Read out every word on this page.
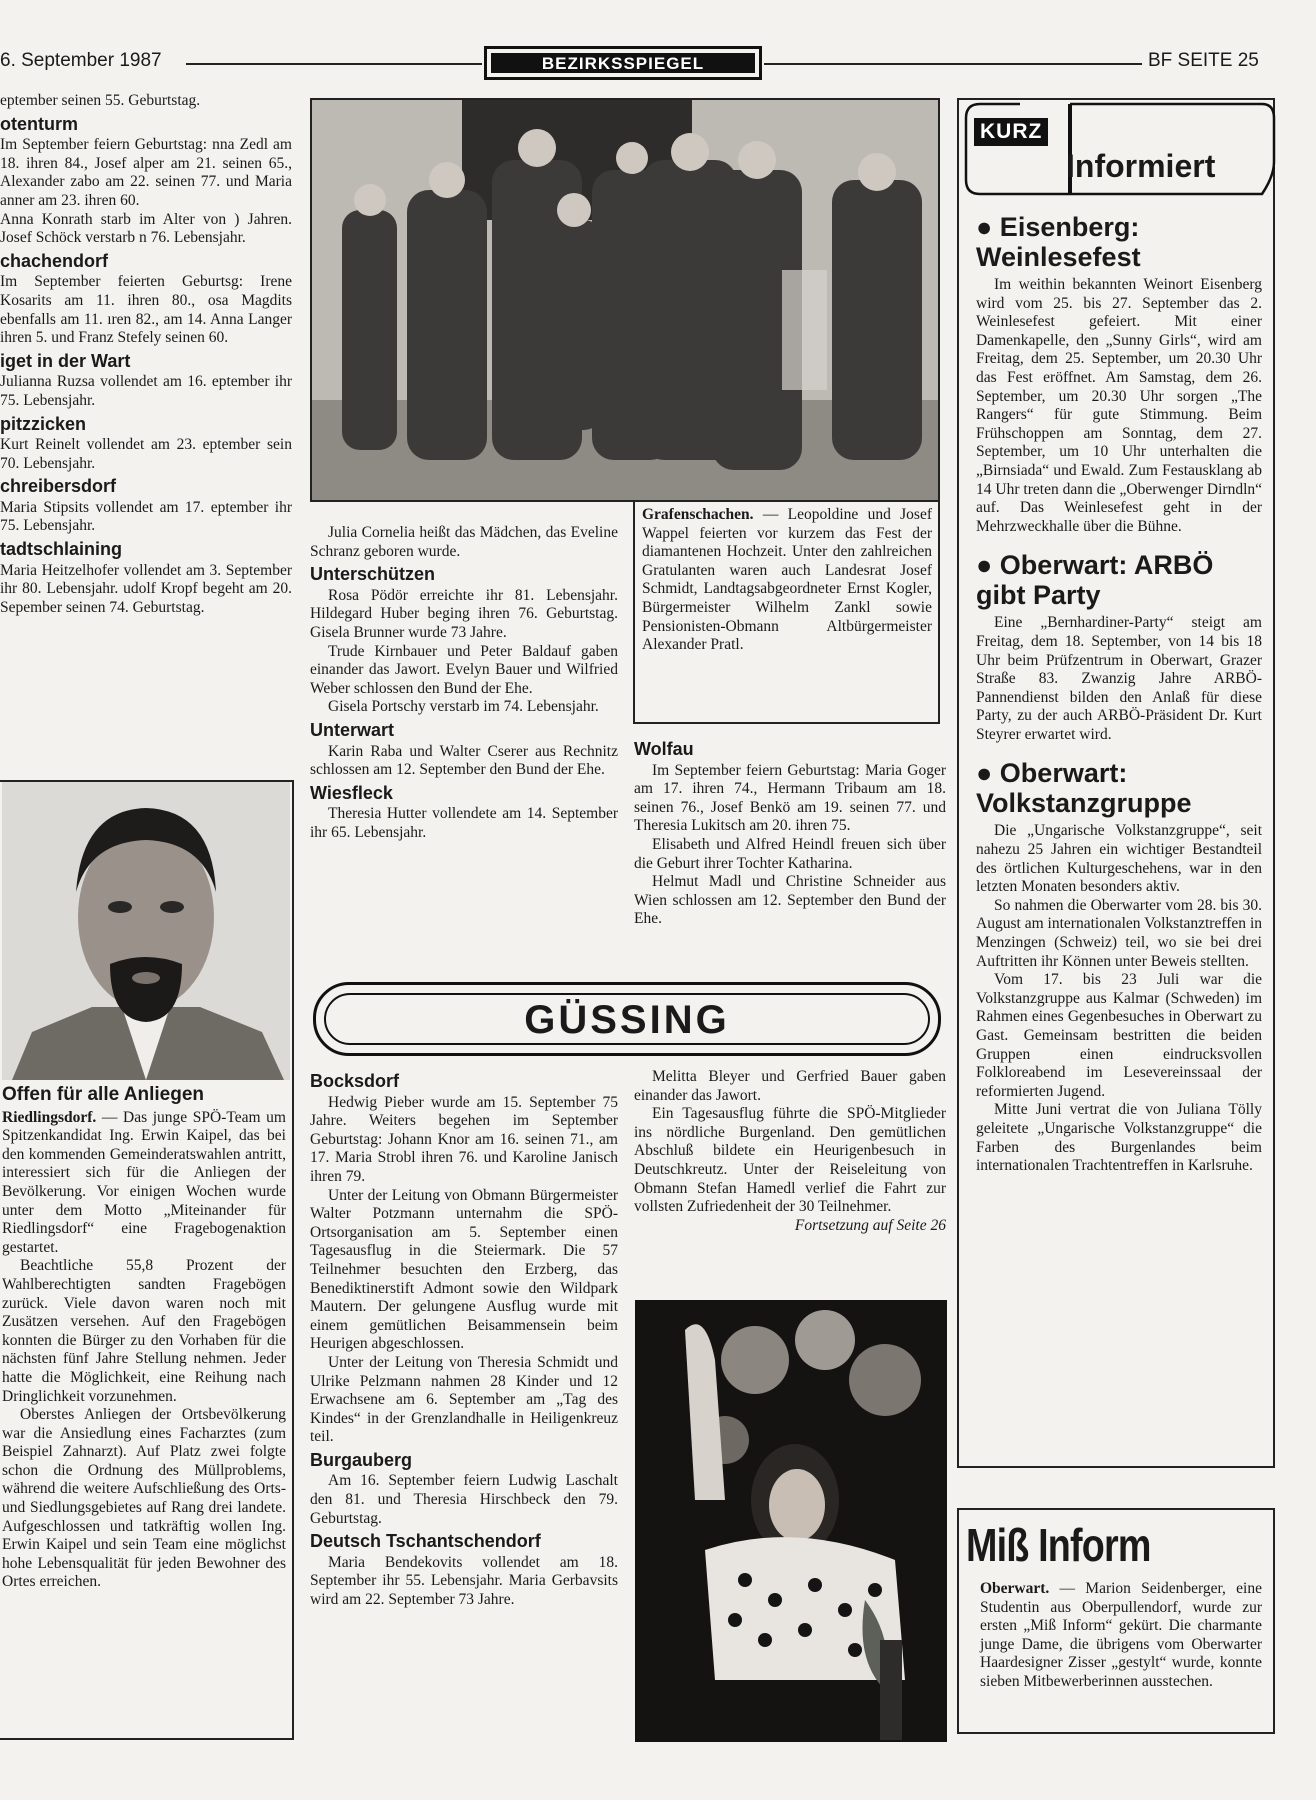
6. September 1987	BEZIRKSSPIEGEL	BF SEITE 25

eptember seinen 55. Geburtstag.

otenturm

Im September feiern Geburtstag: nna Zedl am 18. ihren 84., Josef alper am 21. seinen 65., Alexander zabo am 22. seinen 77. und Maria anner am 23. ihren 60.

Anna Konrath starb im Alter von ) Jahren. Josef Schöck verstarb n 76. Lebensjahr.

chachendorf

Im September feierten Geburtsg: Irene Kosarits am 11. ihren 80., osa Magdits ebenfalls am 11. ıren 82., am 14. Anna Langer ihren 5. und Franz Stefely seinen 60.

iget in der Wart

Julianna Ruzsa vollendet am 16. eptember ihr 75. Lebensjahr.

pitzzicken

Kurt Reinelt vollendet am 23. eptember sein 70. Lebensjahr.

chreibersdorf

Maria Stipsits vollendet am 17. eptember ihr 75. Lebensjahr.

tadtschlaining

Maria Heitzelhofer vollendet am 3. September ihr 80. Lebensjahr. udolf Kropf begeht am 20. Sepember seinen 74. Geburtstag.

Offen für alle Anliegen

Riedlingsdorf. — Das junge SPÖ-Team um Spitzenkandidat Ing. Erwin Kaipel, das bei den kommenden Gemeinderatswahlen antritt, interessiert sich für die Anliegen der Bevölkerung. Vor einigen Wochen wurde unter dem Motto „Miteinander für Riedlingsdorf“ eine Fragebogenaktion gestartet.

Beachtliche 55,8 Prozent der Wahlberechtigten sandten Fragebögen zurück. Viele davon waren noch mit Zusätzen versehen. Auf den Fragebögen konnten die Bürger zu den Vorhaben für die nächsten fünf Jahre Stellung nehmen. Jeder hatte die Möglichkeit, eine Reihung nach Dringlichkeit vorzunehmen.

Oberstes Anliegen der Ortsbevölkerung war die Ansiedlung eines Facharztes (zum Beispiel Zahnarzt). Auf Platz zwei folgte schon die Ordnung des Müllproblems, während die weitere Aufschließung des Orts- und Siedlungsgebietes auf Rang drei landete. Aufgeschlossen und tatkräftig wollen Ing. Erwin Kaipel und sein Team eine möglichst hohe Lebensqualität für jeden Bewohner des Ortes erreichen.

Grafenschachen. — Leopoldine und Josef Wappel feierten vor kurzem das Fest der diamantenen Hochzeit. Unter den zahlreichen Gratulanten waren auch Landesrat Josef Schmidt, Landtagsabgeordneter Ernst Kogler, Bürgermeister Wilhelm Zankl sowie Pensionisten-Obmann Altbürgermeister Alexander Pratl.

Julia Cornelia heißt das Mädchen, das Eveline Schranz geboren wurde.

Unterschützen

Rosa Pödör erreichte ihr 81. Lebensjahr. Hildegard Huber beging ihren 76. Geburtstag. Gisela Brunner wurde 73 Jahre.

Trude Kirnbauer und Peter Baldauf gaben einander das Jawort. Evelyn Bauer und Wilfried Weber schlossen den Bund der Ehe.

Gisela Portschy verstarb im 74. Lebensjahr.

Unterwart

Karin Raba und Walter Cserer aus Rechnitz schlossen am 12. September den Bund der Ehe.

Wiesfleck

Theresia Hutter vollendete am 14. September ihr 65. Lebensjahr.

Wolfau

Im September feiern Geburtstag: Maria Goger am 17. ihren 74., Hermann Tribaum am 18. seinen 76., Josef Benkö am 19. seinen 77. und Theresia Lukitsch am 20. ihren 75.

Elisabeth und Alfred Heindl freuen sich über die Geburt ihrer Tochter Katharina.

Helmut Madl und Christine Schneider aus Wien schlossen am 12. September den Bund der Ehe.

GÜSSING
Bocksdorf

Hedwig Pieber wurde am 15. September 75 Jahre. Weiters begehen im September Geburtstag: Johann Knor am 16. seinen 71., am 17. Maria Strobl ihren 76. und Karoline Janisch ihren 79.

Unter der Leitung von Obmann Bürgermeister Walter Potzmann unternahm die SPÖ-Ortsorganisation am 5. September einen Tagesausflug in die Steiermark. Die 57 Teilnehmer besuchten den Erzberg, das Benediktinerstift Admont sowie den Wildpark Mautern. Der gelungene Ausflug wurde mit einem gemütlichen Beisammensein beim Heurigen abgeschlossen.

Unter der Leitung von Theresia Schmidt und Ulrike Pelzmann nahmen 28 Kinder und 12 Erwachsene am 6. September am „Tag des Kindes“ in der Grenzlandhalle in Heiligenkreuz teil.

Burgauberg

Am 16. September feiern Ludwig Laschalt den 81. und Theresia Hirschbeck den 79. Geburtstag.

Deutsch Tschantschendorf

Maria Bendekovits vollendet am 18. September ihr 55. Lebensjahr. Maria Gerbavsits wird am 22. September 73 Jahre.

Melitta Bleyer und Gerfried Bauer gaben einander das Jawort.

Ein Tagesausflug führte die SPÖ-Mitglieder ins nördliche Burgenland. Den gemütlichen Abschluß bildete ein Heurigenbesuch in Deutschkreutz. Unter der Reiseleitung von Obmann Stefan Hamedl verlief die Fahrt zur vollsten Zufriedenheit der 30 Teilnehmer.

Fortsetzung auf Seite 26

KURZ
Informiert
● Eisenberg: Weinlesefest

Im weithin bekannten Weinort Eisenberg wird vom 25. bis 27. September das 2. Weinlesefest gefeiert. Mit einer Damenkapelle, den „Sunny Girls“, wird am Freitag, dem 25. September, um 20.30 Uhr das Fest eröffnet. Am Samstag, dem 26. September, um 20.30 Uhr sorgen „The Rangers“ für gute Stimmung. Beim Frühschoppen am Sonntag, dem 27. September, um 10 Uhr unterhalten die „Birnsiada“ und Ewald. Zum Festausklang ab 14 Uhr treten dann die „Oberwenger Dirndln“ auf. Das Weinlesefest geht in der Mehrzweckhalle über die Bühne.

● Oberwart: ARBÖ gibt Party

Eine „Bernhardiner-Party“ steigt am Freitag, dem 18. September, von 14 bis 18 Uhr beim Prüfzentrum in Oberwart, Grazer Straße 83. Zwanzig Jahre ARBÖ-Pannendienst bilden den Anlaß für diese Party, zu der auch ARBÖ-Präsident Dr. Kurt Steyrer erwartet wird.

● Oberwart: Volkstanzgruppe

Die „Ungarische Volkstanzgruppe“, seit nahezu 25 Jahren ein wichtiger Bestandteil des örtlichen Kulturgeschehens, war in den letzten Monaten besonders aktiv.

So nahmen die Oberwarter vom 28. bis 30. August am internationalen Volkstanztreffen in Menzingen (Schweiz) teil, wo sie bei drei Auftritten ihr Können unter Beweis stellten.

Vom 17. bis 23 Juli war die Volkstanzgruppe aus Kalmar (Schweden) im Rahmen eines Gegenbesuches in Oberwart zu Gast. Gemeinsam bestritten die beiden Gruppen einen eindrucksvollen Folkloreabend im Lesevereinssaal der reformierten Jugend.

Mitte Juni vertrat die von Juliana Tölly geleitete „Ungarische Volkstanzgruppe“ die Farben des Burgenlandes beim internationalen Trachtentreffen in Karlsruhe.

Miß Inform

Oberwart. — Marion Seidenberger, eine Studentin aus Oberpullendorf, wurde zur ersten „Miß Inform“ gekürt. Die charmante junge Dame, die übrigens vom Oberwarter Haardesigner Zisser „gestylt“ wurde, konnte sieben Mitbewerberinnen ausstechen.
